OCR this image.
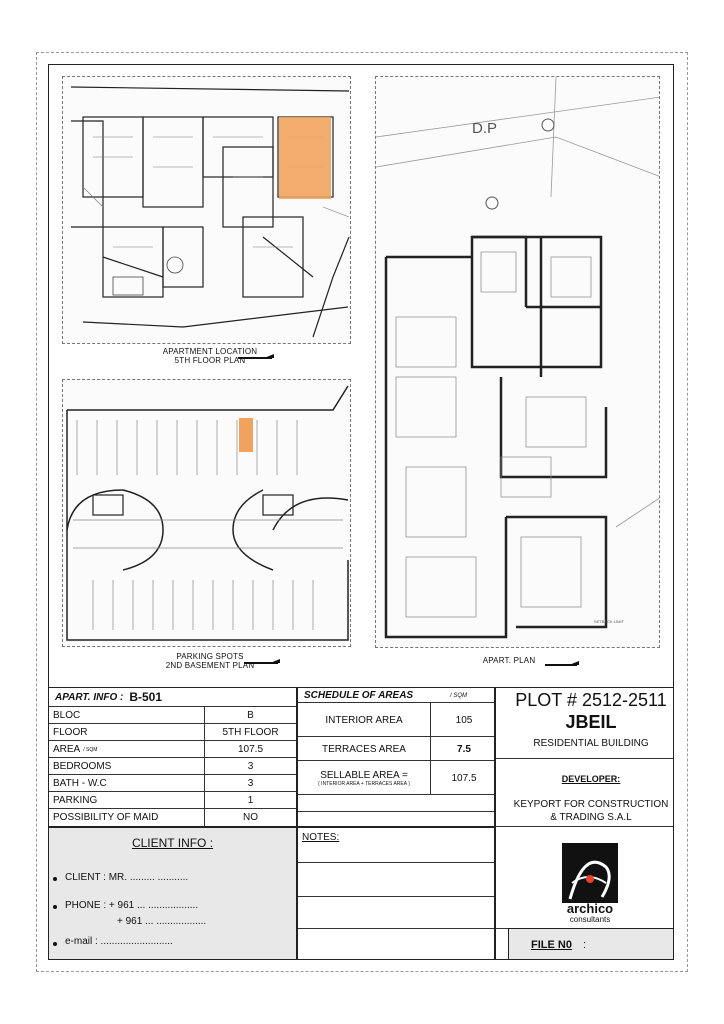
APARTMENT LOCATION
5TH FLOOR PLAN
PARKING SPOTS
2ND BASEMENT PLAN
D.P
SETBACK LIMIT
APART. PLAN
APART. INFO : B-501
BLOC	B
FLOOR	5TH FLOOR
AREA / SQM	107.5
BEDROOMS	3
BATH - W.C	3
PARKING	1
POSSIBILITY OF MAID	NO
SCHEDULE OF AREAS	/ SQM
INTERIOR AREA	105
TERRACES AREA	7.5
SELLABLE AREA =
( INTERIOR AREA + TERRACES AREA )	107.5
CLIENT INFO :
CLIENT : MR. ......... ...........
PHONE : + 961 ... ..................
+ 961 ... ..................
e-mail : ..........................
NOTES:
PLOT # 2512-2511
JBEIL
RESIDENTIAL BUILDING
DEVELOPER:
KEYPORT FOR CONSTRUCTION
& TRADING S.A.L
archico
consultants
FILE N0 :
